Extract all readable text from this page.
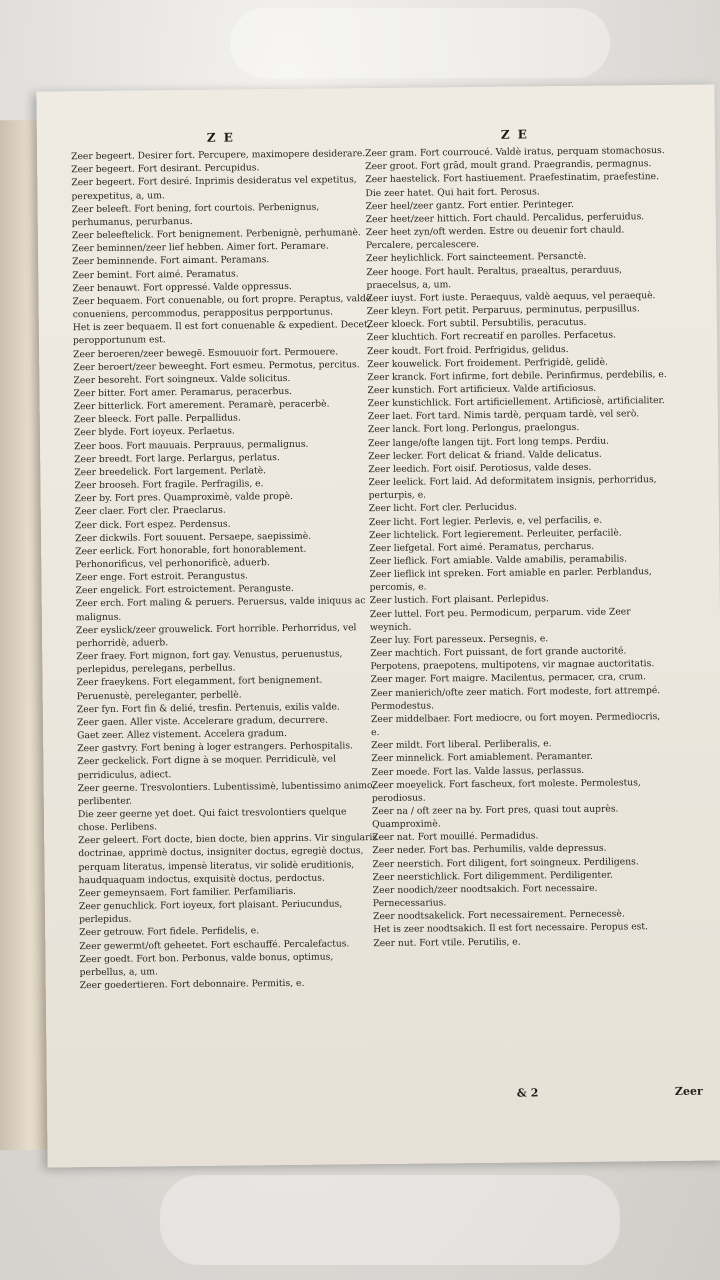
Z E
Zeer begeert. Desirer fort. Percupere, maximopere desiderare.
Zeer begeert. Fort desirant. Percupidus.
Zeer begeert. Fort desiré. Inprimis desideratus vel expetitus, perexpetitus, a, um.
Zeer beleeft. Fort bening, fort courtois. Perbenignus, perhumanus, perurbanus.
Zeer beleeftelick. Fort benignement. Perbenignè, perhumanè.
Zeer beminnen/zeer lief hebben. Aimer fort. Peramare.
Zeer beminnende. Fort aimant. Peramans.
Zeer bemint. Fort aimé. Peramatus.
Zeer benauwt. Fort oppressé. Valde oppressus.
Zeer bequaem. Fort conuenable, ou fort propre. Peraptus, valde conueniens, percommodus, perappositus perpportunus.
Het is zeer bequaem. Il est fort conuenable & expedient. Decet, peropportunum est.
Zeer beroeren/zeer bewegē. Esmouuoir fort. Permouere.
Zeer beroert/zeer beweeght. Fort esmeu. Permotus, percitus.
Zeer besoreht. Fort soingneux. Valde solicitus.
Zeer bitter. Fort amer. Peramarus, peracerbus.
Zeer bitterlick. Fort amerement. Peramarè, peracerbè.
Zeer bleeck. Fort palle. Perpallidus.
Zeer blyde. Fort ioyeux. Perlaetus.
Zeer boos. Fort mauuais. Perprauus, permalignus.
Zeer breedt. Fort large. Perlargus, perlatus.
Zeer breedelick. Fort largement. Perlatè.
Zeer brooseh. Fort fragile. Perfragilis, e.
Zeer by. Fort pres. Quamproximè, valde propè.
Zeer claer. Fort cler. Praeclarus.
Zeer dick. Fort espez. Perdensus.
Zeer dickwils. Fort souuent. Persaepe, saepissimè.
Zeer eerlick. Fort honorable, fort honorablement. Perhonorificus, vel perhonorificè, aduerb.
Zeer enge. Fort estroit. Perangustus.
Zeer engelick. Fort estroictement. Peranguste.
Zeer erch. Fort maling & peruers. Peruersus, valde iniquus ac malignus.
Zeer eyslick/zeer grouwelick. Fort horrible. Perhorridus, vel perhorridè, aduerb.
Zeer fraey. Fort mignon, fort gay. Venustus, peruenustus, perlepidus, perelegans, perbellus.
Zeer fraeykens. Fort elegamment, fort benignement. Peruenustè, pereleganter, perbellè.
Zeer fyn. Fort fin & delié, tresfin. Pertenuis, exilis valde.
Zeer gaen. Aller viste. Accelerare gradum, decurrere.
Gaet zeer. Allez vistement. Accelera gradum.
Zeer gastvry. Fort bening à loger estrangers. Perhospitalis.
Zeer geckelick. Fort digne à se moquer. Perridiculè, vel perridiculus, adiect.
Zeer geerne. Tresvolontiers. Lubentissimè, lubentissimo animo, perlibenter.
Die zeer geerne yet doet. Qui faict tresvolontiers quelque chose. Perlibens.
Zeer geleert. Fort docte, bien docte, bien apprins. Vir singularis doctrinae, apprimè doctus, insigniter doctus, egregiè doctus, perquam literatus, impensè literatus, vir solidè eruditionis, haudquaquam indoctus, exquisitè doctus, perdoctus.
Zeer gemeynsaem. Fort familier. Perfamiliaris.
Zeer genuchlick. Fort ioyeux, fort plaisant. Periucundus, perlepidus.
Zeer getrouw. Fort fidele. Perfidelis, e.
Zeer gewermt/oft geheetet. Fort eschauffé. Percalefactus.
Zeer goedt. Fort bon. Perbonus, valde bonus, optimus, perbellus, a, um.
Zeer goedertieren. Fort debonnaire. Permitis, e.
Z E
Zeer gram. Fort courroucé. Valdè iratus, perquam stomachosus.
Zeer groot. Fort grād, moult grand. Praegrandis, permagnus.
Zeer haestelick. Fort hastiuement. Praefestinatim, praefestine.
Die zeer hatet. Qui hait fort. Perosus.
Zeer heel/zeer gantz. Fort entier. Perinteger.
Zeer heet/zeer hittich. Fort chauld. Percalidus, perferuidus.
Zeer heet zyn/oft werden. Estre ou deuenir fort chauld. Percalere, percalescere.
Zeer heylichlick. Fort saincteement. Persanctè.
Zeer hooge. Fort hault. Peraltus, praealtus, perarduus, praecelsus, a, um.
Zeer iuyst. Fort iuste. Peraequus, valdè aequus, vel peraequè.
Zeer kleyn. Fort petit. Perparuus, perminutus, perpusillus.
Zeer kloeck. Fort subtil. Persubtilis, peracutus.
Zeer kluchtich. Fort recreatif en parolles. Perfacetus.
Zeer koudt. Fort froid. Perfrigidus, gelidus.
Zeer kouwelick. Fort froidement. Perfrigidè, gelidè.
Zeer kranck. Fort infirme, fort debile. Perinfirmus, perdebilis, e.
Zeer kunstich. Fort artificieux. Valde artificiosus.
Zeer kunstichlick. Fort artificiellement. Artificiosè, artificialiter.
Zeer laet. Fort tard. Nimis tardè, perquam tardè, vel serò.
Zeer lanck. Fort long. Perlongus, praelongus.
Zeer lange/ofte langen tijt. Fort long temps. Perdiu.
Zeer lecker. Fort delicat & friand. Valde delicatus.
Zeer leedich. Fort oisif. Perotiosus, valde deses.
Zeer leelick. Fort laid. Ad deformitatem insignis, perhorridus, perturpis, e.
Zeer licht. Fort cler. Perlucidus.
Zeer licht. Fort legier. Perlevis, e, vel perfacilis, e.
Zeer lichtelick. Fort legierement. Perleuiter, perfacilè.
Zeer liefgetal. Fort aimé. Peramatus, percharus.
Zeer lieflick. Fort amiable. Valde amabilis, peramabilis.
Zeer lieflick int spreken. Fort amiable en parler. Perblandus, percomis, e.
Zeer lustich. Fort plaisant. Perlepidus.
Zeer luttel. Fort peu. Permodicum, perparum. vide Zeer weynich.
Zeer luy. Fort paresseux. Persegnis, e.
Zeer machtich. Fort puissant, de fort grande auctorité. Perpotens, praepotens, multipotens, vir magnae auctoritatis.
Zeer mager. Fort maigre. Macilentus, permacer, cra, crum.
Zeer manierich/ofte zeer matich. Fort modeste, fort attrempé. Permodestus.
Zeer middelbaer. Fort mediocre, ou fort moyen. Permediocris, e.
Zeer mildt. Fort liberal. Perliberalis, e.
Zeer minnelick. Fort amiablement. Peramanter.
Zeer moede. Fort las. Valde lassus, perlassus.
Zeer moeyelick. Fort fascheux, fort moleste. Permolestus, perodiosus.
Zeer na / oft zeer na by. Fort pres, quasi tout auprès. Quamproximè.
Zeer nat. Fort mouillé. Permadidus.
Zeer neder. Fort bas. Perhumilis, valde depressus.
Zeer neerstich. Fort diligent, fort soingneux. Perdiligens.
Zeer neerstichlick. Fort diligemment. Perdiligenter.
Zeer noodich/zeer noodtsakich. Fort necessaire. Pernecessarius.
Zeer noodtsakelick. Fort necessairement. Pernecessè.
Het is zeer noodtsakich. Il est fort necessaire. Peropus est.
Zeer nut. Fort vtile. Perutilis, e.
& 2	Zeer
